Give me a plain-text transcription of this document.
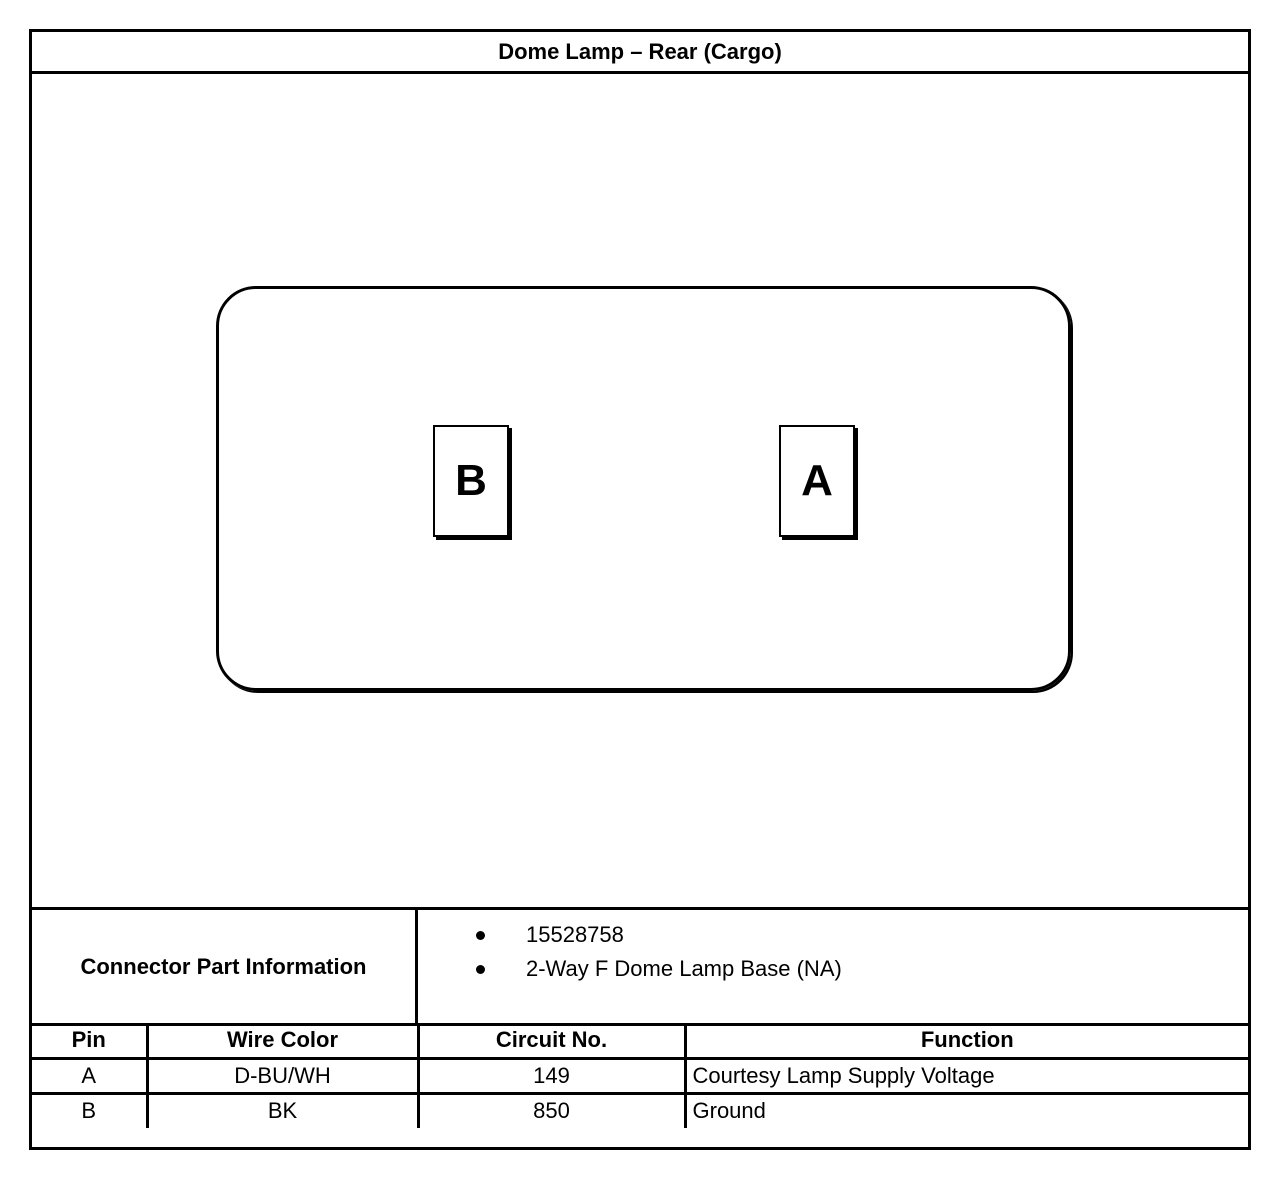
Dome Lamp – Rear (Cargo)
B	A
Connector Part Information
15528758
2-Way F Dome Lamp Base (NA)
Pin	Wire Color	Circuit No.	Function
A	D-BU/WH	149	Courtesy Lamp Supply Voltage
B	BK	850	Ground
